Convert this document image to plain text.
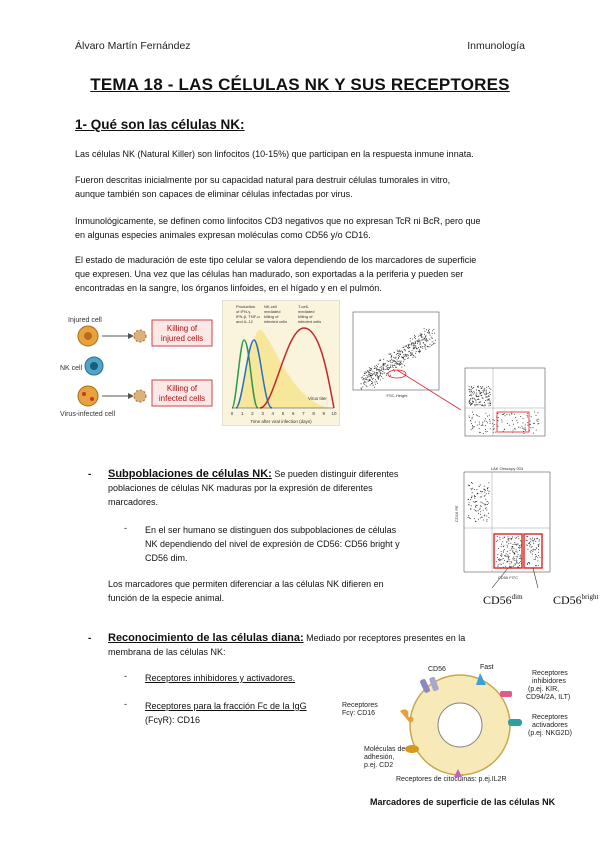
Álvaro Martín Fernández	Inmunología
TEMA 18 - LAS CÉLULAS NK Y SUS RECEPTORES
1- Qué son las células NK:
Las células NK (Natural Killer) son linfocitos (10-15%) que participan en la respuesta inmune innata.
Fueron descritas inicialmente por su capacidad natural para destruir células tumorales in vitro,
aunque también son capaces de eliminar células infectadas por virus.
Inmunológicamente, se definen como linfocitos CD3 negativos que no expresan TcR ni BcR, pero que
en algunas especies animales expresan moléculas como CD56 y/o CD16.
El estado de maduración de este tipo celular se valora dependiendo de los marcadores de superficie
que expresen. Una vez que las células han madurado, son exportadas a la periferia y pueden ser
encontradas en la sangre, los órganos linfoides, en el hígado y en el pulmón.
Injured cell
NK cell
Virus-infected cell
Killing of
injured cells
Killing of
infected cells
Production
of IFN-γ,
IFN-β, TNF-α
and IL-12
NK-cell
mediated
killing of
infected cells
T-cell-
mediated
killing of
infected cells
Virus titer
0 1 2 3 4 5 6 7 8 9 10
Time after viral infection (days)
FSC-Height
LAK Obscopy 003
CD56 FITC
CD16 PE
$CD56^{dim}$	$CD56^{bright}$
- Subpoblaciones de células NK: Se pueden distinguir diferentes
poblaciones de células NK maduras por la expresión de diferentes
marcadores.
- En el ser humano se distinguen dos subpoblaciones de células
NK dependiendo del nivel de expresión de CD56: CD56 bright y
CD56 dim.
Los marcadores que permiten diferenciar a las células NK difieren en
función de la especie animal.
- Reconocimiento de las células diana: Mediado por receptores presentes en la
membrana de las células NK:
- Receptores inhibidores y activadores.
- Receptores para la fracción Fc de la IgG
(FcγR): CD16
CD56	Fast
Receptores
inhibidores
(p.ej. KIR,
CD94/2A, ILT)
Receptores
Fcγ: CD16
Receptores
activadores
(p.ej. NKG2D)
Moléculas de
adhesión,
p.ej. CD2
Receptores de citocuinas: p.ej.IL2R
Marcadores de superficie de las células NK
